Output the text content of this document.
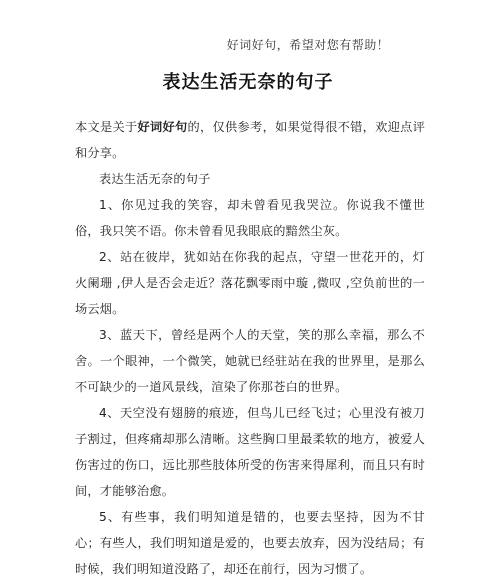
好词好句，希望对您有帮助！
表达生活无奈的句子

本文是关于好词好句的，仅供参考，如果觉得很不错，欢迎点评和分享。

表达生活无奈的句子

1、你见过我的笑容，却未曾看见我哭泣。你说我不懂世俗，我只笑不语。你未曾看见我眼底的黯然尘灰。

2、站在彼岸，犹如站在你我的起点，守望一世花开的，灯火阑珊 ,伊人是否会走近？落花飘零雨中璇 ,微叹 ,空负前世的一场云烟。

3、蓝天下，曾经是两个人的天堂，笑的那么幸福，那么不舍。一个眼神，一个微笑，她就已经驻站在我的世界里，是那么不可缺少的一道风景线，渲染了你那苍白的世界。

4、天空没有翅膀的痕迹，但鸟儿已经飞过；心里没有被刀子割过，但疼痛却那么清晰。这些胸口里最柔软的地方，被爱人伤害过的伤口，远比那些肢体所受的伤害来得犀利，而且只有时间，才能够治愈。

5、有些事，我们明知道是错的，也要去坚持，因为不甘心；有些人，我们明知道是爱的，也要去放弃，因为没结局；有时候，我们明知道没路了，却还在前行，因为习惯了。
